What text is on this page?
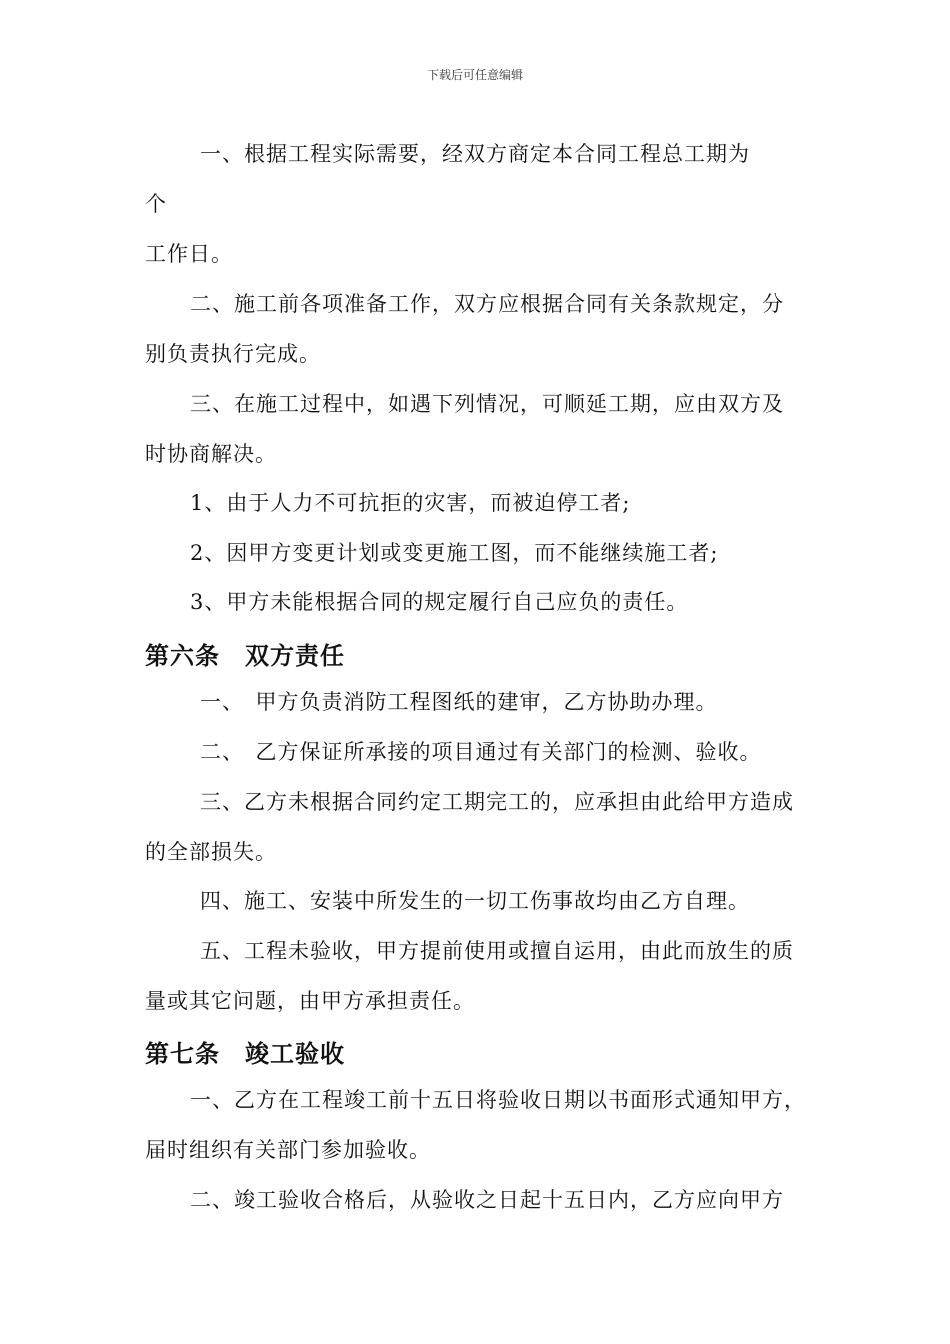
下载后可任意编辑
一、根据工程实际需要，经双方商定本合同工程总工期为
个
工作日。
二、施工前各项准备工作，双方应根据合同有关条款规定，分
别负责执行完成。
三、在施工过程中，如遇下列情况，可顺延工期，应由双方及
时协商解决。
1、由于人力不可抗拒的灾害，而被迫停工者;
2、因甲方变更计划或变更施工图，而不能继续施工者;
3、甲方未能根据合同的规定履行自己应负的责任。
第六条　双方责任
一、　甲方负责消防工程图纸的建审，乙方协助办理。
二、　乙方保证所承接的项目通过有关部门的检测、验收。
三、乙方未根据合同约定工期完工的，应承担由此给甲方造成
的全部损失。
四、施工、安装中所发生的一切工伤事故均由乙方自理。
五、工程未验收，甲方提前使用或擅自运用，由此而放生的质
量或其它问题，由甲方承担责任。
第七条　竣工验收
一、乙方在工程竣工前十五日将验收日期以书面形式通知甲方，
届时组织有关部门参加验收。
二、竣工验收合格后，从验收之日起十五日内，乙方应向甲方
